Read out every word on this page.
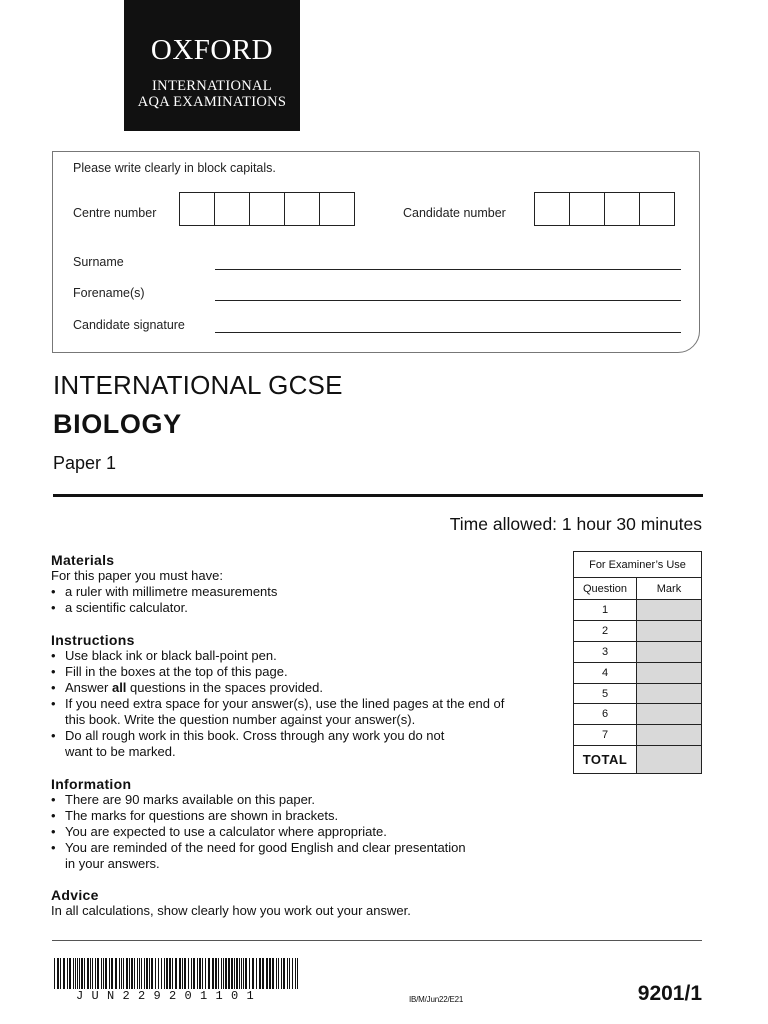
OXFORD
INTERNATIONAL
AQA EXAMINATIONS
Please write clearly in block capitals.
Centre number	Candidate number
Surname
Forename(s)
Candidate signature
INTERNATIONAL GCSE
BIOLOGY
Paper 1
Time allowed: 1 hour 30 minutes
Materials
For this paper you must have:
• a ruler with millimetre measurements
• a scientific calculator.
Instructions
• Use black ink or black ball-point pen.
• Fill in the boxes at the top of this page.
• Answer all questions in the spaces provided.
• If you need extra space for your answer(s), use the lined pages at the end of
this book. Write the question number against your answer(s).
• Do all rough work in this book. Cross through any work you do not
want to be marked.
Information
• There are 90 marks available on this paper.
• The marks for questions are shown in brackets.
• You are expected to use a calculator where appropriate.
• You are reminded of the need for good English and clear presentation
in your answers.
Advice
In all calculations, show clearly how you work out your answer.
For Examiner’s Use	
Question	Mark
1	
2	
3	
4	
5	
6	
7	
TOTAL	
JUN229201101	IB/M/Jun22/E21	9201/1
